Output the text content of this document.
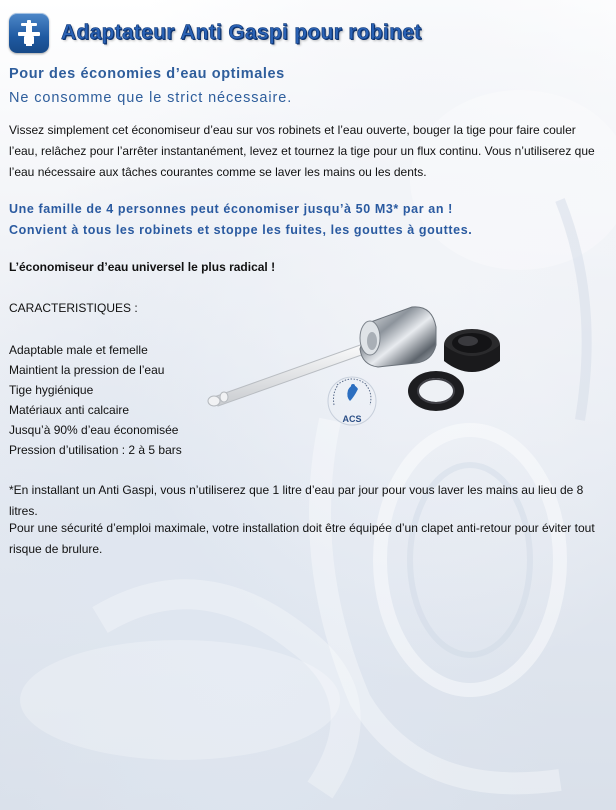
Adaptateur Anti Gaspi pour robinet
Pour des économies d’eau optimales
Ne consomme que le strict nécessaire.
Vissez simplement cet économiseur d’eau sur vos robinets et l’eau ouverte, bouger la tige pour faire couler l’eau, relâchez pour l’arrêter instantanément, levez et tournez la tige pour un flux continu. Vous n’utiliserez que l’eau nécessaire aux tâches courantes comme se laver les mains ou les dents.
Une famille de 4 personnes peut économiser jusqu’à 50 M3* par an !
Convient à tous les robinets et stoppe les fuites, les gouttes à gouttes.
L’économiseur d’eau universel le plus radical !
CARACTERISTIQUES :
Adaptable male et femelle
Maintient la pression de l’eau
Tige hygiénique
Matériaux anti calcaire
Jusqu’à 90% d’eau économisée
Pression d’utilisation : 2 à 5 bars
ACS
*En installant un Anti Gaspi, vous n’utiliserez que 1 litre d’eau par jour pour vous laver les mains au lieu de 8 litres.
Pour une sécurité d’emploi maximale, votre installation doit être équipée d’un clapet anti-retour pour éviter tout risque de brulure.
